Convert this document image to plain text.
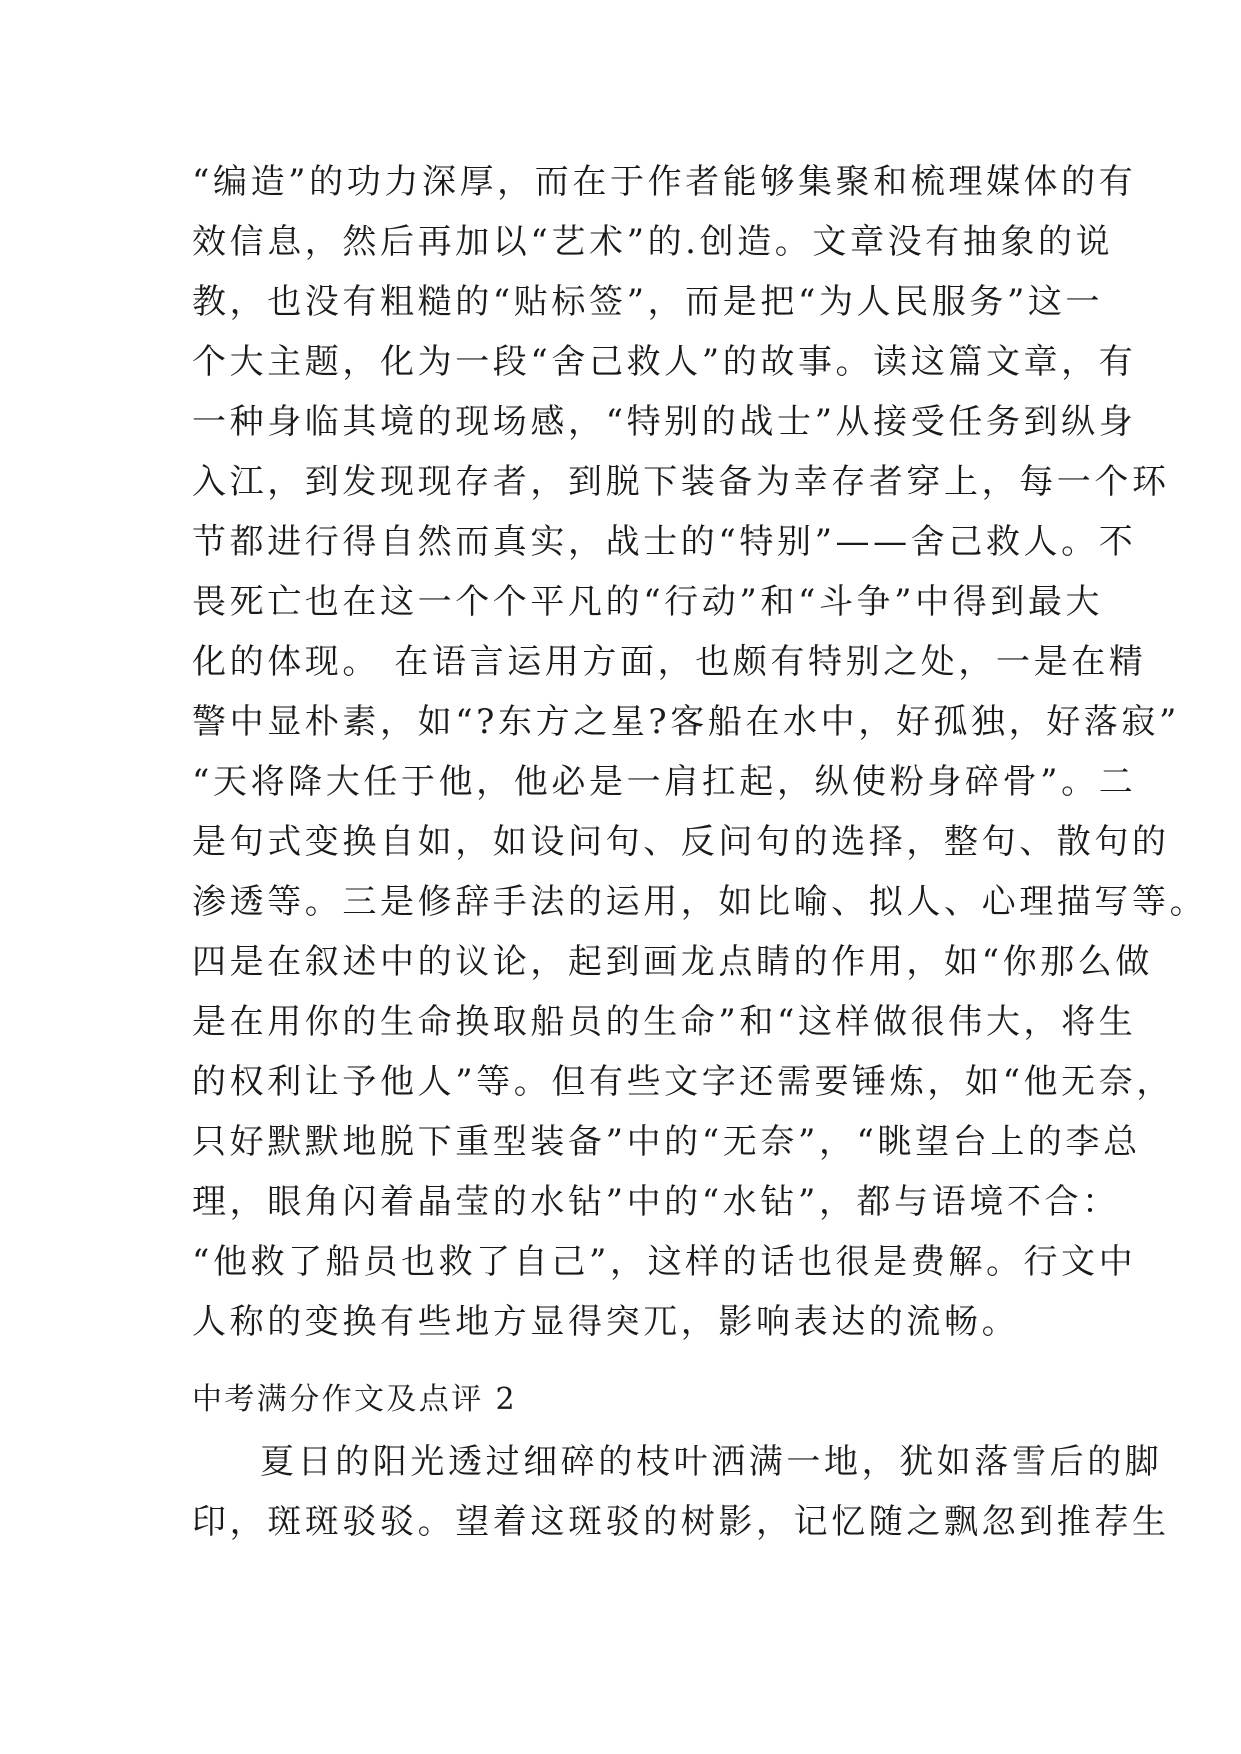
“编造”的功力深厚，而在于作者能够集聚和梳理媒体的有
效信息，然后再加以“艺术”的.创造。文章没有抽象的说
教，也没有粗糙的“贴标签”，而是把“为人民服务”这一
个大主题，化为一段“舍己救人”的故事。读这篇文章，有
一种身临其境的现场感，“特别的战士”从接受任务到纵身
入江，到发现现存者，到脱下装备为幸存者穿上，每一个环
节都进行得自然而真实，战士的“特别”——舍己救人。不
畏死亡也在这一个个平凡的“行动”和“斗争”中得到最大
化的体现。 在语言运用方面，也颇有特别之处，一是在精
警中显朴素，如“?东方之星?客船在水中，好孤独，好落寂”
“天将降大任于他，他必是一肩扛起，纵使粉身碎骨”。二
是句式变换自如，如设问句、反问句的选择，整句、散句的
渗透等。三是修辞手法的运用，如比喻、拟人、心理描写等。
四是在叙述中的议论，起到画龙点睛的作用，如“你那么做
是在用你的生命换取船员的生命”和“这样做很伟大，将生
的权利让予他人”等。但有些文字还需要锤炼，如“他无奈，
只好默默地脱下重型装备”中的“无奈”，“眺望台上的李总
理，眼角闪着晶莹的水钻”中的“水钻”，都与语境不合：
“他救了船员也救了自己”，这样的话也很是费解。行文中
人称的变换有些地方显得突兀，影响表达的流畅。
中考满分作文及点评 2
夏日的阳光透过细碎的枝叶洒满一地，犹如落雪后的脚
印，斑斑驳驳。望着这斑驳的树影，记忆随之飘忽到推荐生
